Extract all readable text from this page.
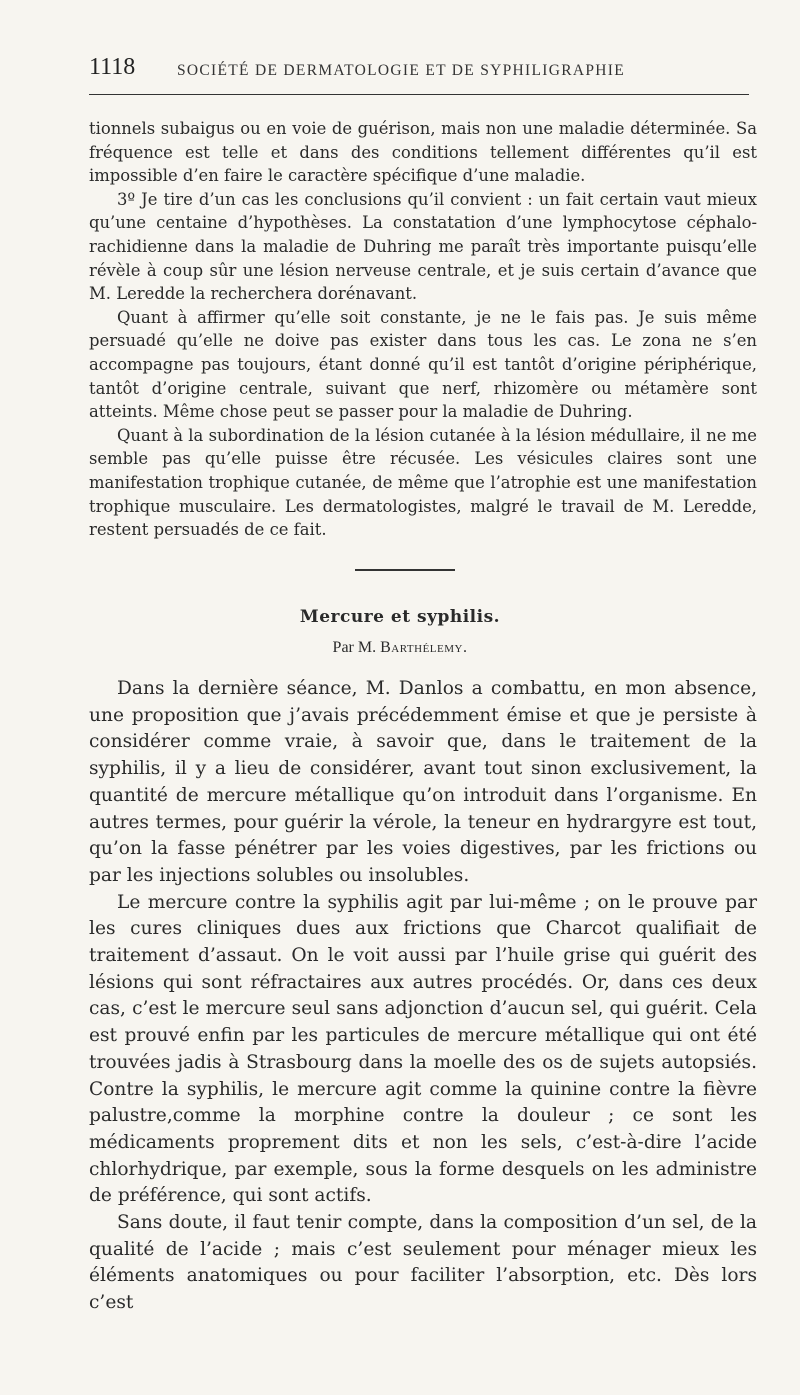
1118	SOCIÉTÉ DE DERMATOLOGIE ET DE SYPHILIGRAPHIE

tionnels subaigus ou en voie de guérison, mais non une maladie déterminée. Sa fréquence est telle et dans des conditions tellement différentes qu’il est impossible d’en faire le caractère spécifique d’une maladie.

3º Je tire d’un cas les conclusions qu’il convient : un fait certain vaut mieux qu’une centaine d’hypothèses. La constatation d’une lymphocytose céphalo-rachidienne dans la maladie de Duhring me paraît très importante puisqu’elle révèle à coup sûr une lésion nerveuse centrale, et je suis certain d’avance que M. Leredde la recherchera dorénavant.

Quant à affirmer qu’elle soit constante, je ne le fais pas. Je suis même persuadé qu’elle ne doive pas exister dans tous les cas. Le zona ne s’en accompagne pas toujours, étant donné qu’il est tantôt d’origine périphérique, tantôt d’origine centrale, suivant que nerf, rhizomère ou métamère sont atteints. Même chose peut se passer pour la maladie de Duhring.

Quant à la subordination de la lésion cutanée à la lésion médullaire, il ne me semble pas qu’elle puisse être récusée. Les vésicules claires sont une manifestation trophique cutanée, de même que l’atrophie est une manifestation trophique musculaire. Les dermatologistes, malgré le travail de M. Leredde, restent persuadés de ce fait.

Mercure et syphilis.
Par M. Barthélemy.

Dans la dernière séance, M. Danlos a combattu, en mon absence, une proposition que j’avais précédemment émise et que je persiste à considérer comme vraie, à savoir que, dans le traitement de la syphilis, il y a lieu de considérer, avant tout sinon exclusivement, la quantité de mercure métallique qu’on introduit dans l’organisme. En autres termes, pour guérir la vérole, la teneur en hydrargyre est tout, qu’on la fasse pénétrer par les voies digestives, par les frictions ou par les injections solubles ou insolubles.

Le mercure contre la syphilis agit par lui-même ; on le prouve par les cures cliniques dues aux frictions que Charcot qualifiait de traitement d’assaut. On le voit aussi par l’huile grise qui guérit des lésions qui sont réfractaires aux autres procédés. Or, dans ces deux cas, c’est le mercure seul sans adjonction d’aucun sel, qui guérit. Cela est prouvé enfin par les particules de mercure métallique qui ont été trouvées jadis à Strasbourg dans la moelle des os de sujets autopsiés. Contre la syphilis, le mercure agit comme la quinine contre la fièvre palustre,comme la morphine contre la douleur ; ce sont les médicaments proprement dits et non les sels, c’est-à-dire l’acide chlorhydrique, par exemple, sous la forme desquels on les administre de préférence, qui sont actifs.

Sans doute, il faut tenir compte, dans la composition d’un sel, de la qualité de l’acide ; mais c’est seulement pour ménager mieux les éléments anatomiques ou pour faciliter l’absorption, etc. Dès lors c’est
